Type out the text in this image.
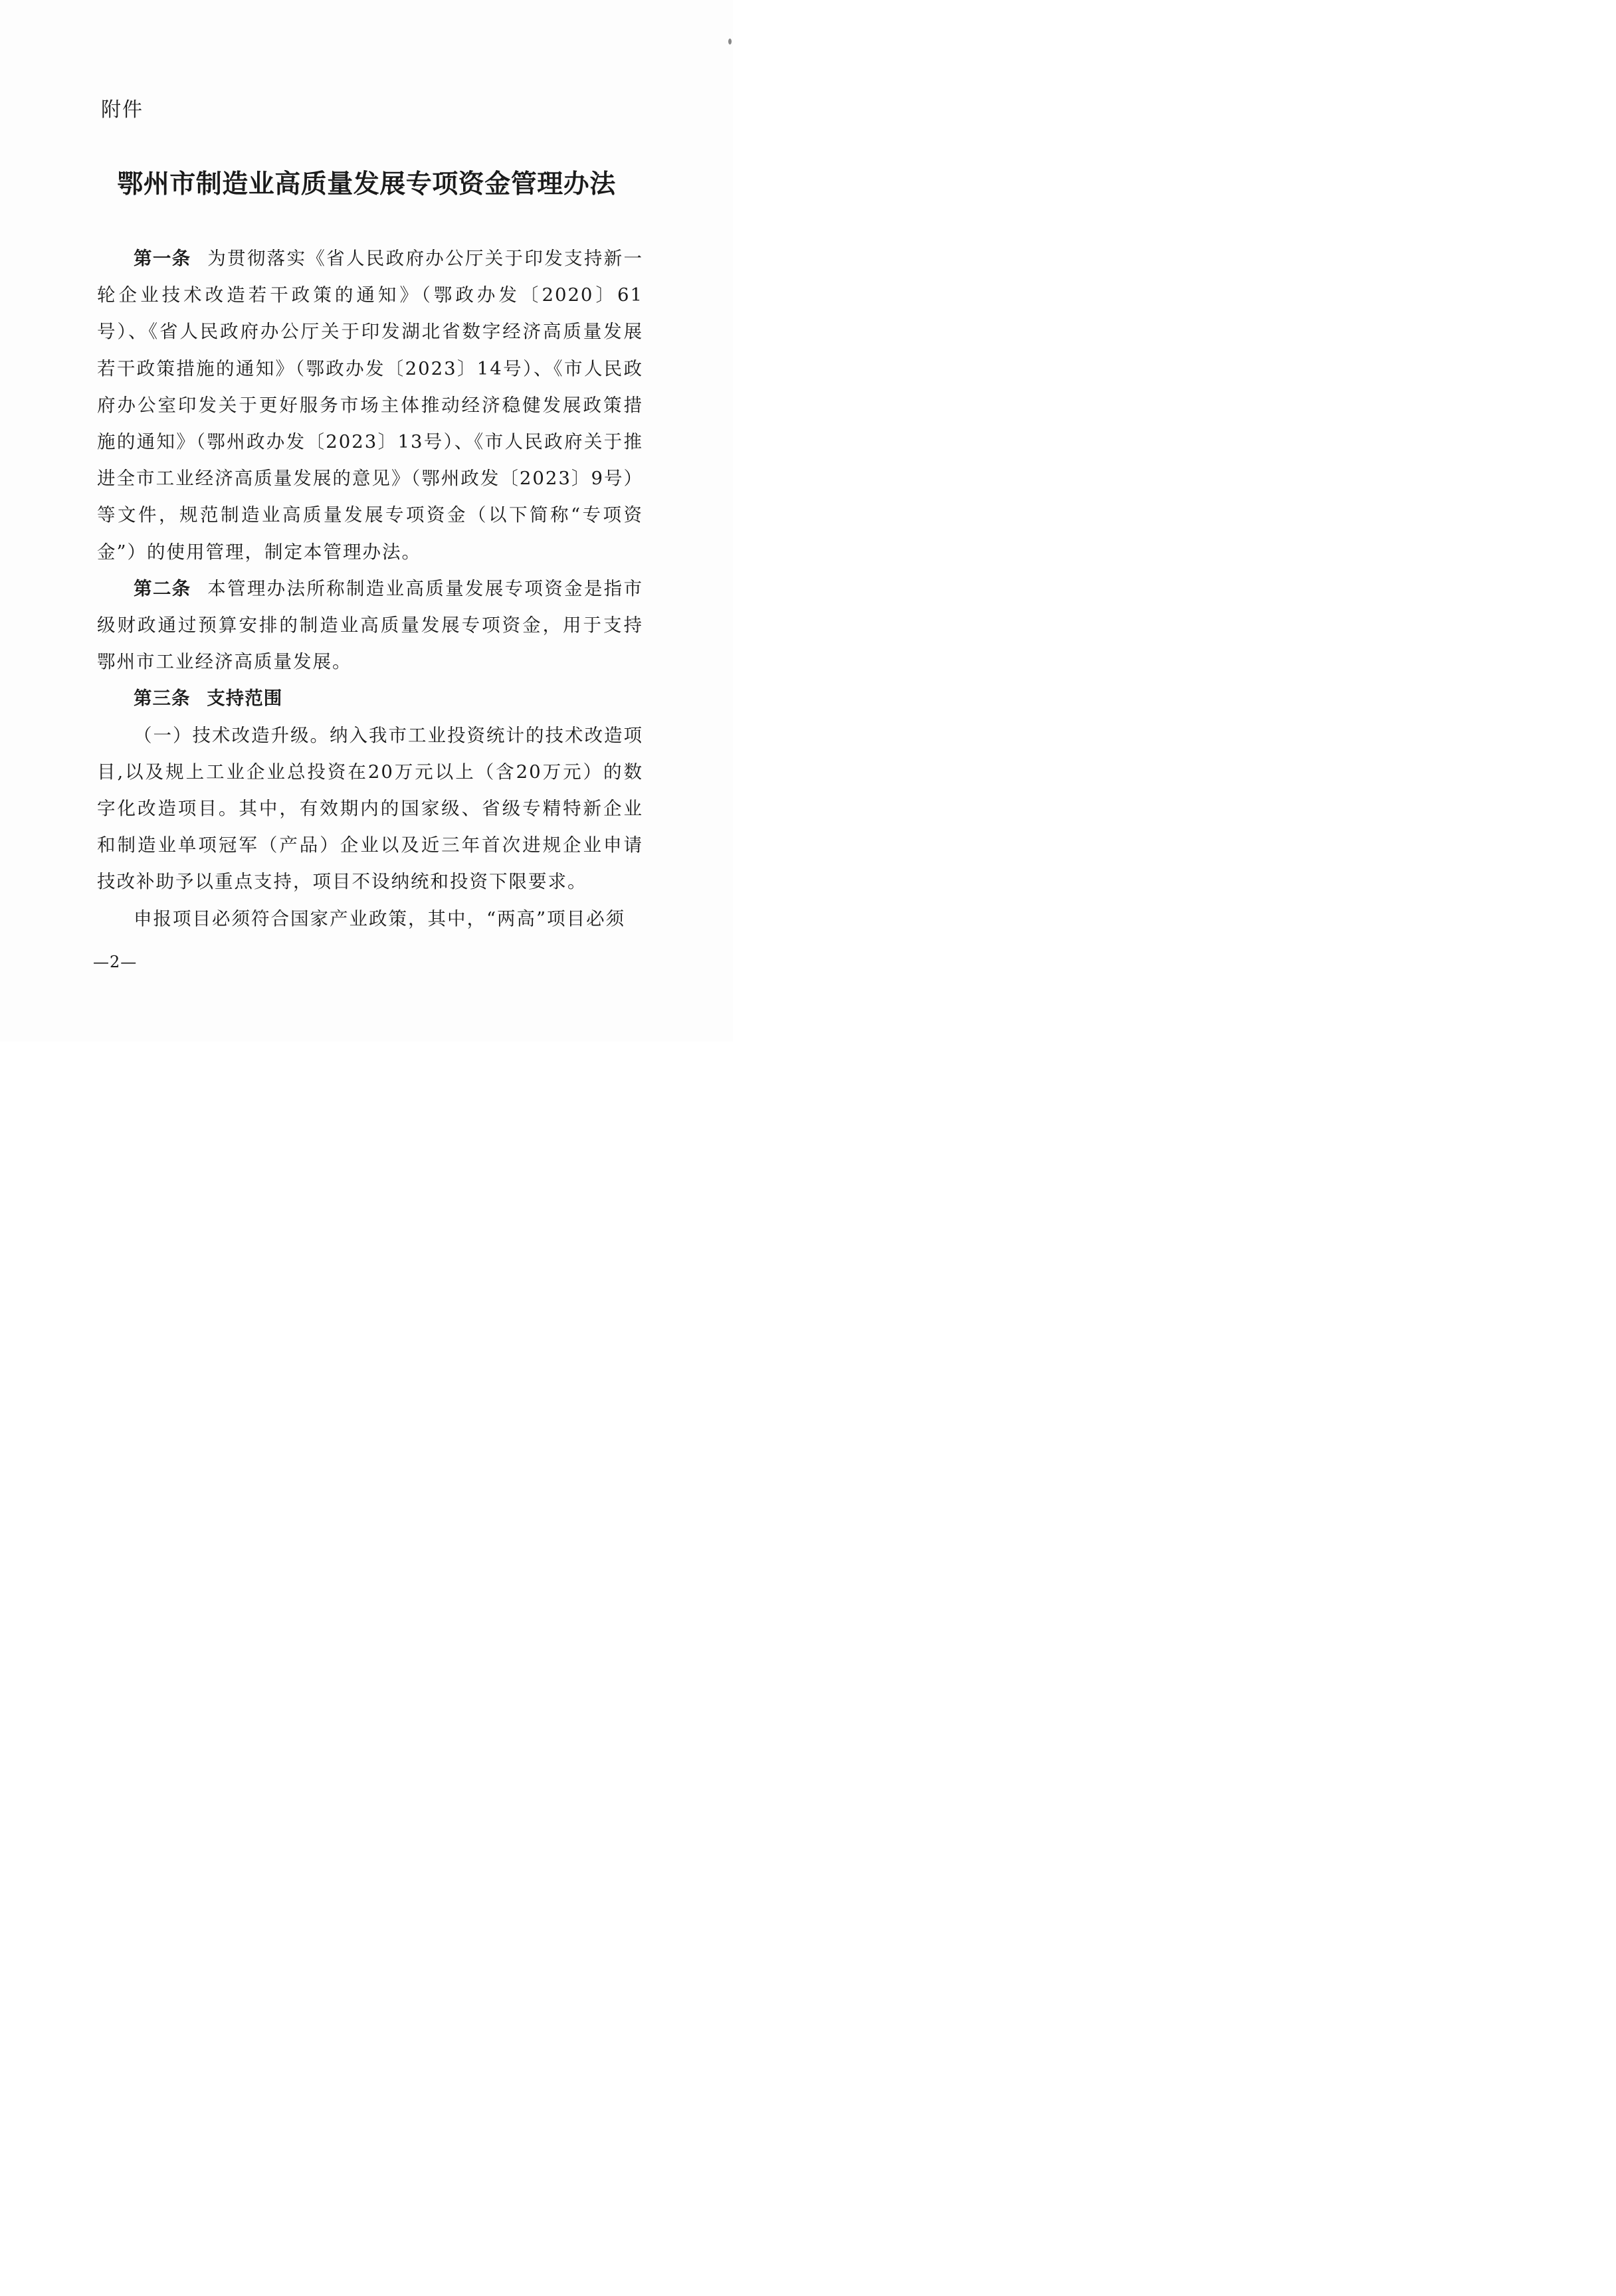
附件
鄂州市制造业高质量发展专项资金管理办法

第一条 为贯彻落实《省人民政府办公厅关于印发支持新一轮企业技术改造若干政策的通知》（鄂政办发〔2020〕61号）、《省人民政府办公厅关于印发湖北省数字经济高质量发展若干政策措施的通知》（鄂政办发〔2023〕14号）、《市人民政府办公室印发关于更好服务市场主体推动经济稳健发展政策措施的通知》（鄂州政办发〔2023〕13号）、《市人民政府关于推进全市工业经济高质量发展的意见》（鄂州政发〔2023〕9号）等文件，规范制造业高质量发展专项资金（以下简称“专项资金”）的使用管理，制定本管理办法。

第二条 本管理办法所称制造业高质量发展专项资金是指市级财政通过预算安排的制造业高质量发展专项资金，用于支持鄂州市工业经济高质量发展。

第三条 支持范围

（一）技术改造升级。纳入我市工业投资统计的技术改造项目,以及规上工业企业总投资在20万元以上（含20万元）的数字化改造项目。其中，有效期内的国家级、省级专精特新企业和制造业单项冠军（产品）企业以及近三年首次进规企业申请技改补助予以重点支持，项目不设纳统和投资下限要求。

申报项目必须符合国家产业政策，其中，“两高”项目必须

—2—
